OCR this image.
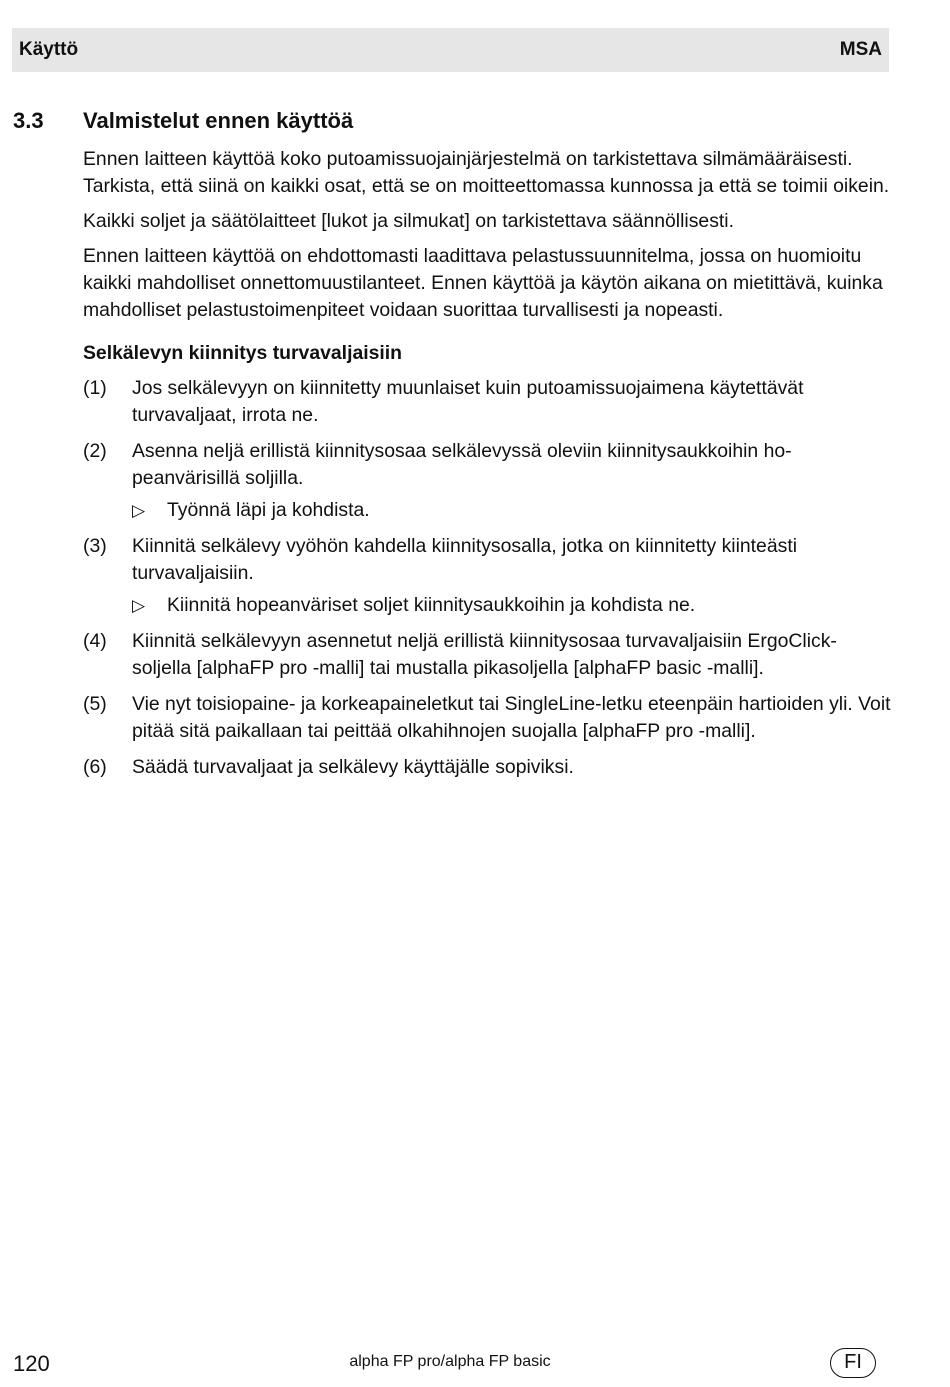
Käyttö	MSA
3.3 Valmistelut ennen käyttöä

Ennen laitteen käyttöä koko putoamissuojainjärjestelmä on tarkistettava silmämääräisesti. Tarkista, että siinä on kaikki osat, että se on moitteettomassa kunnossa ja että se toimii oikein.

Kaikki soljet ja säätölaitteet [lukot ja silmukat] on tarkistettava säännöllisesti.

Ennen laitteen käyttöä on ehdottomasti laadittava pelastussuunnitelma, jossa on huomioitu kaikki mahdolliset onnettomuustilanteet. Ennen käyttöä ja käytön aikana on mietittävä, kuinka mahdolliset pelastustoimenpiteet voidaan suorittaa turvallisesti ja nopeasti.

Selkälevyn kiinnitys turvavaljaisiin
(1) Jos selkälevyyn on kiinnitetty muunlaiset kuin putoamissuojaimena käytettävät turvavaljaat, irrota ne.
(2) Asenna neljä erillistä kiinnitysosaa selkälevyssä oleviin kiinnitysaukkoihin hopeanvärisillä soljilla.
▷ Työnnä läpi ja kohdista.
(3) Kiinnitä selkälevy vyöhön kahdella kiinnitysosalla, jotka on kiinnitetty kiinteästi turvavaljaisiin.
▷ Kiinnitä hopeanväriset soljet kiinnitysaukkoihin ja kohdista ne.
(4) Kiinnitä selkälevyyn asennetut neljä erillistä kiinnitysosaa turvavaljaisiin ErgoClick-soljella [alphaFP pro -malli] tai mustalla pikasoljella [alphaFP basic -malli].
(5) Vie nyt toisiopaine- ja korkeapaineletkut tai SingleLine-letku eteenpäin hartioiden yli. Voit pitää sitä paikallaan tai peittää olkahihnojen suojalla [alphaFP pro -malli].
(6) Säädä turvavaljaat ja selkälevy käyttäjälle sopiviksi.
120	alpha FP pro/alpha FP basic	FI
